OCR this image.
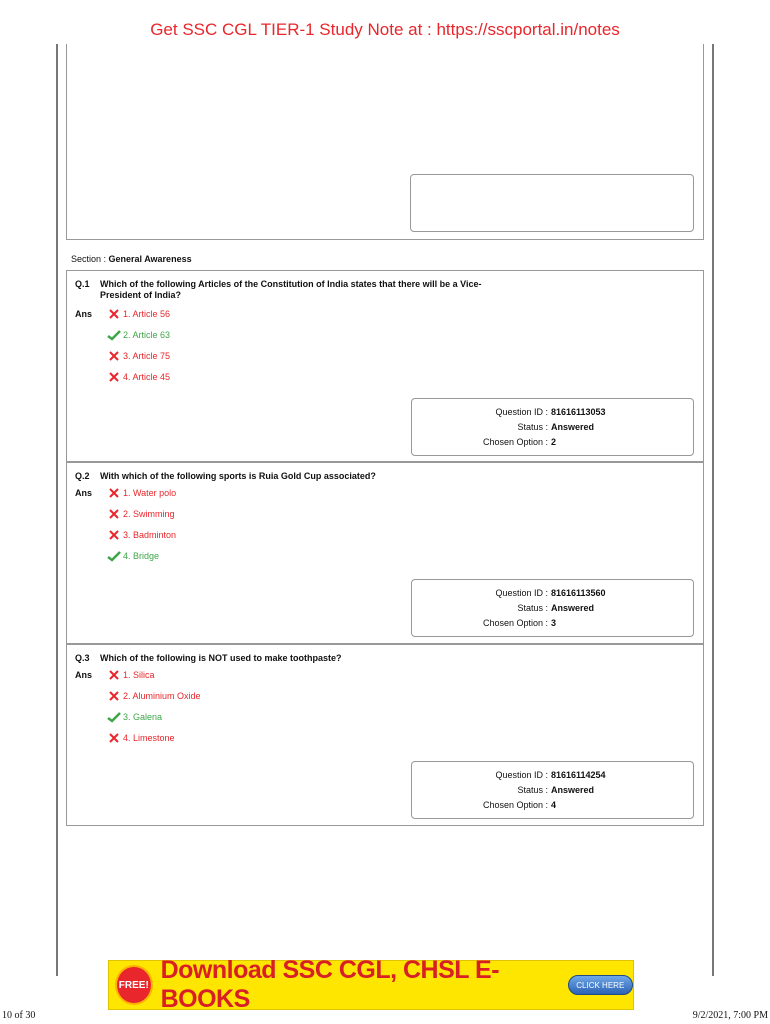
Get SSC CGL TIER-1 Study Note at : https://sscportal.in/notes
Section : General Awareness
Q.1	Which of the following Articles of the Constitution of India states that there will be a Vice-President of India?
Ans	1. Article 56
2. Article 63
3. Article 75
4. Article 45
Question ID : 81616113053
Status : Answered
Chosen Option : 2
Q.2	With which of the following sports is Ruia Gold Cup associated?
Ans	1. Water polo
2. Swimming
3. Badminton
4. Bridge
Question ID : 81616113560
Status : Answered
Chosen Option : 3
Q.3	Which of the following is NOT used to make toothpaste?
Ans	1. Silica
2. Aluminium Oxide
3. Galena
4. Limestone
Question ID : 81616114254
Status : Answered
Chosen Option : 4
FREE!
Download SSC CGL, CHSL E-BOOKS	CLICK HERE
10 of 30	9/2/2021, 7:00 PM
